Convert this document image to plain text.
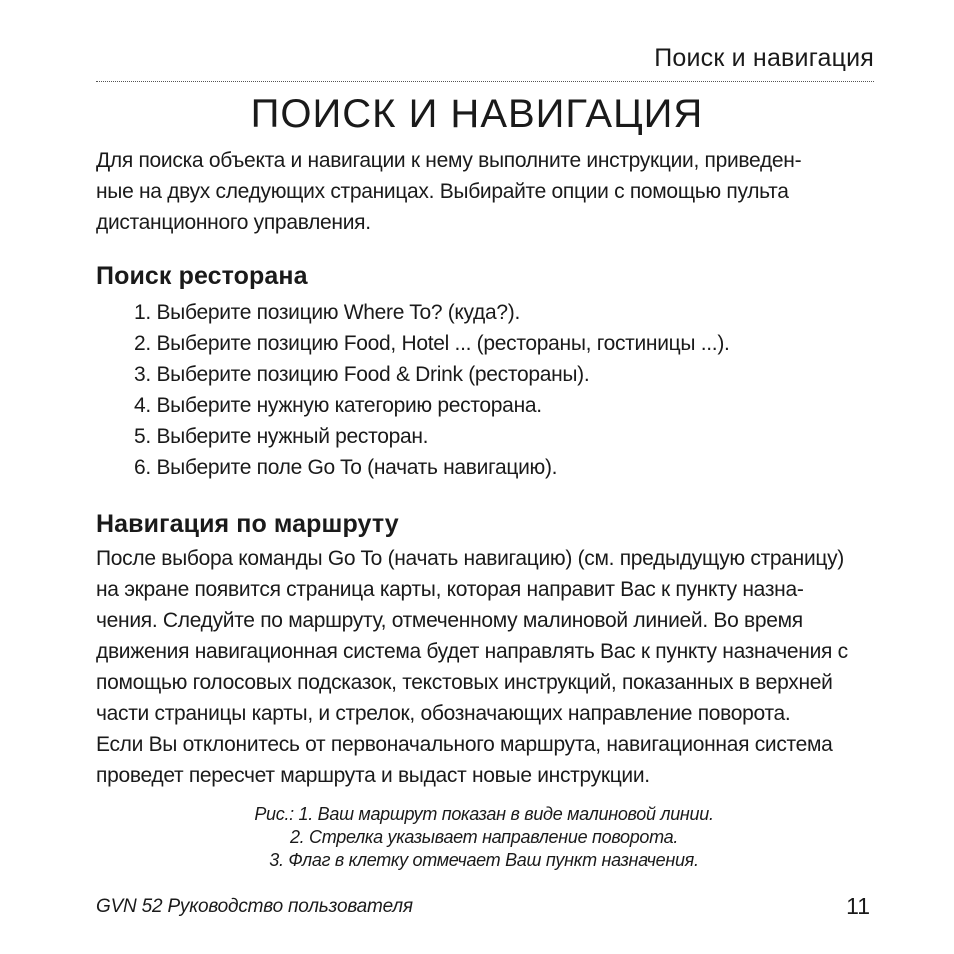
Поиск и навигация
ПОИСК И НАВИГАЦИЯ

Для поиска объекта и навигации к нему выполните инструкции, приведен-

ные на двух следующих страницах. Выбирайте опции с помощью пульта

дистанционного управления.

Поиск ресторана
1. Выберите позицию Where To? (куда?).
2. Выберите позицию Food, Hotel ... (рестораны, гостиницы ...).
3. Выберите позицию Food & Drink (рестораны).
4. Выберите нужную категорию ресторана.
5. Выберите нужный ресторан.
6. Выберите поле Go To (начать навигацию).
Навигация по маршруту

После выбора команды Go To (начать навигацию) (см. предыдущую страницу)

на экране появится страница карты, которая направит Вас к пункту назна-

чения. Следуйте по маршруту, отмеченному малиновой линией. Во время

движения навигационная система будет направлять Вас к пункту назначения с

помощью голосовых подсказок, текстовых инструкций, показанных в верхней

части страницы карты, и стрелок, обозначающих направление поворота.

Если Вы отклонитесь от первоначального маршрута, навигационная система

проведет пересчет маршрута и выдаст новые инструкции.

Рис.: 1. Ваш маршрут показан в виде малиновой линии.
2. Стрелка указывает направление поворота.
3. Флаг в клетку отмечает Ваш пункт назначения.
GVN 52 Руководство пользователя	11
